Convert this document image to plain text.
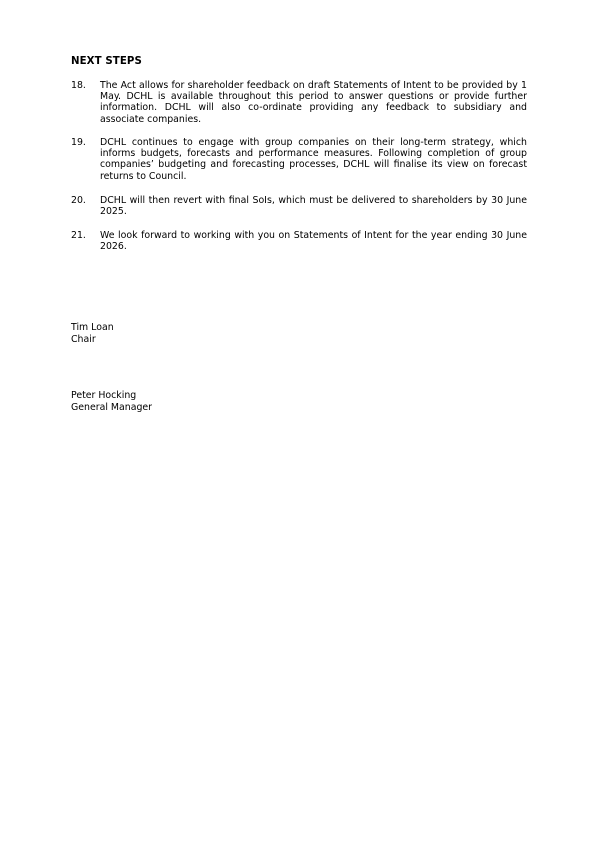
NEXT STEPS
18. The Act allows for shareholder feedback on draft Statements of Intent to be provided by 1 May. DCHL is available throughout this period to answer questions or provide further information. DCHL will also co-ordinate providing any feedback to subsidiary and associate companies.
19. DCHL continues to engage with group companies on their long-term strategy, which informs budgets, forecasts and performance measures. Following completion of group companies’ budgeting and forecasting processes, DCHL will finalise its view on forecast returns to Council.
20. DCHL will then revert with final SoIs, which must be delivered to shareholders by 30 June 2025.
21. We look forward to working with you on Statements of Intent for the year ending 30 June 2026.
Tim Loan
Chair
Peter Hocking
General Manager
